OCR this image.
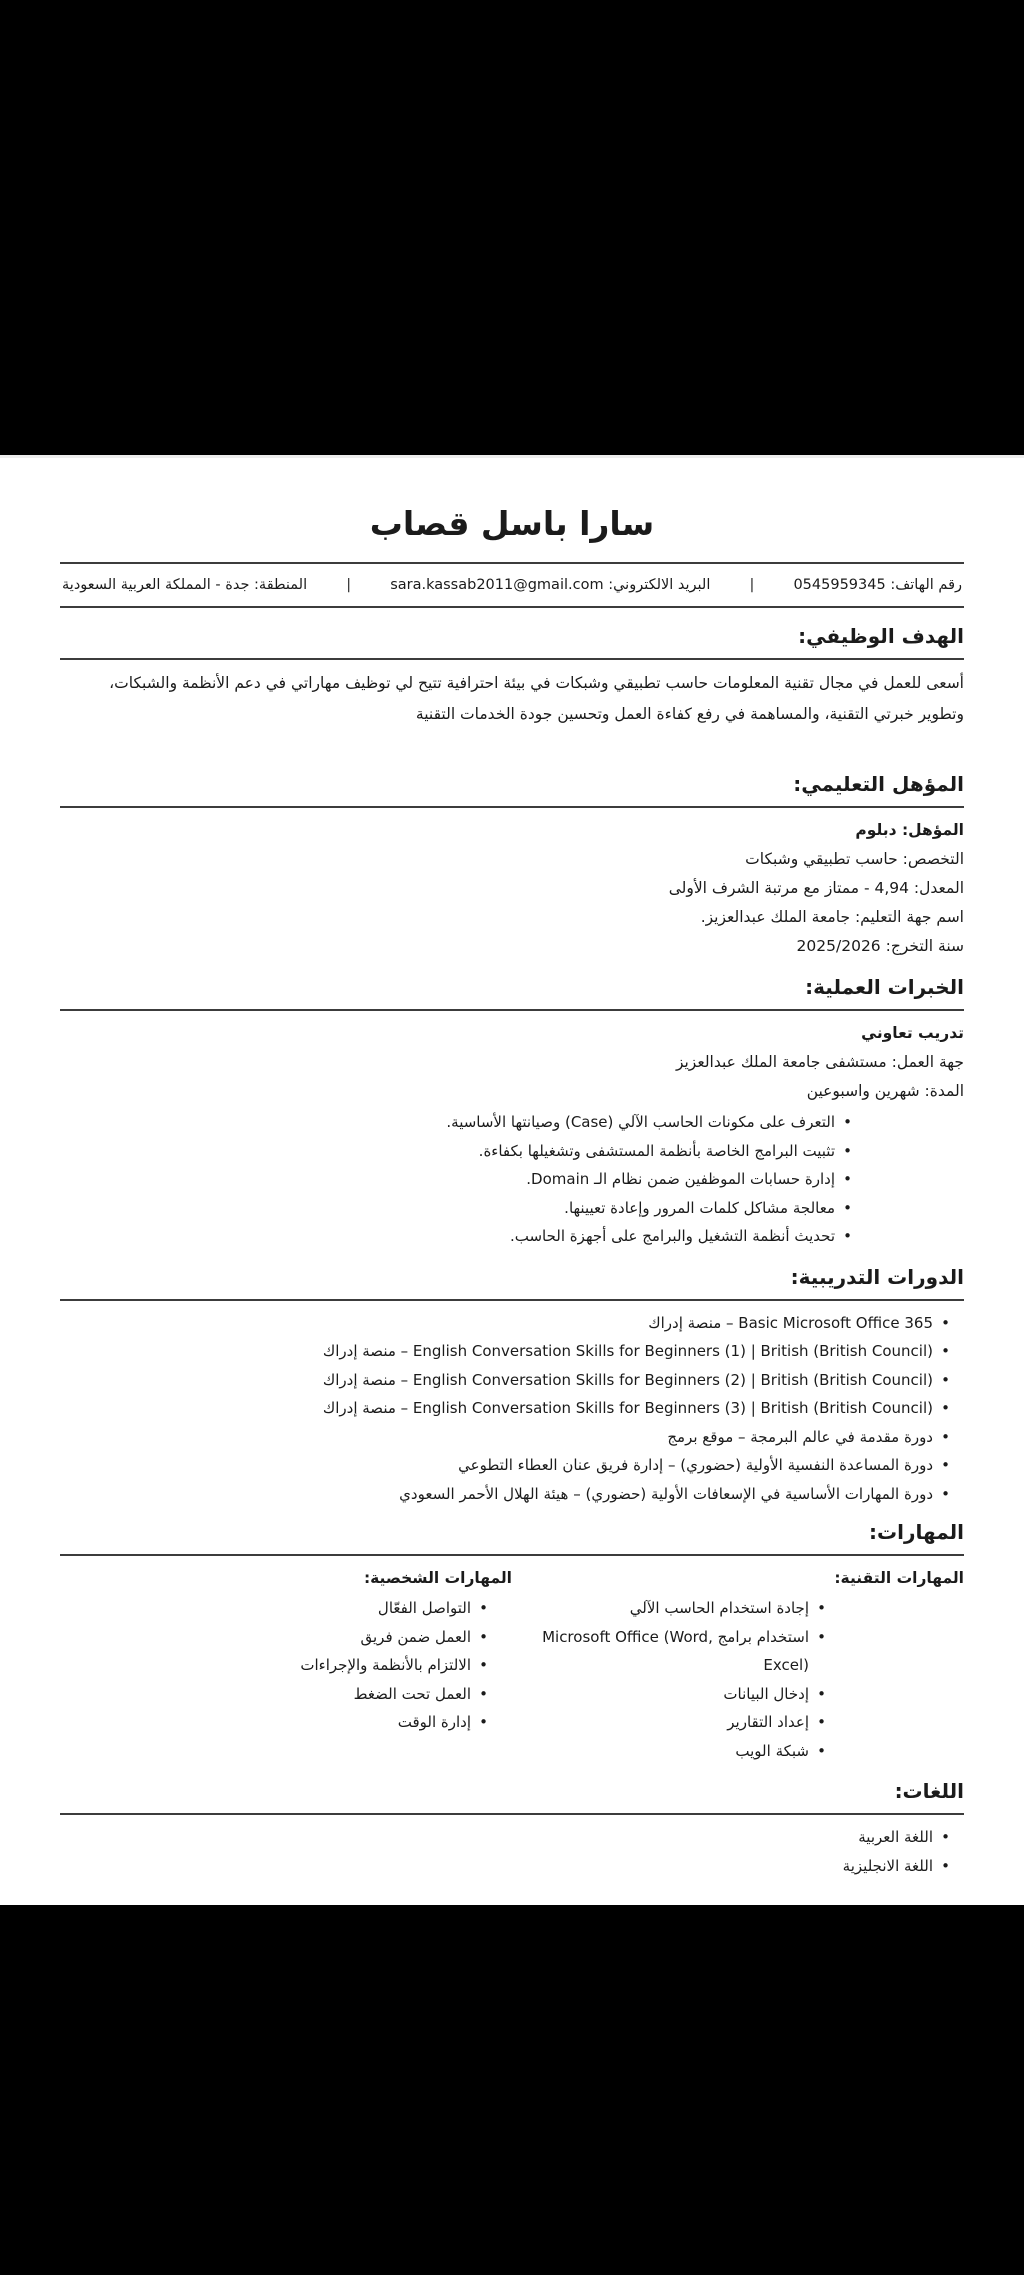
سارا باسل قصاب
رقم الهاتف: 0545959345
|
البريد الالكتروني: sara.kassab2011@gmail.com
|
المنطقة: جدة - المملكة العربية السعودية
الهدف الوظيفي:
أسعى للعمل في مجال تقنية المعلومات حاسب تطبيقي وشبكات في بيئة احترافية تتيح لي توظيف مهاراتي في دعم الأنظمة والشبكات، وتطوير خبرتي التقنية، والمساهمة في رفع كفاءة العمل وتحسين جودة الخدمات التقنية
المؤهل التعليمي:
المؤهل: دبلوم
التخصص: حاسب تطبيقي وشبكات
المعدل: 4,94 - ممتاز مع مرتبة الشرف الأولى
اسم جهة التعليم: جامعة الملك عبدالعزيز.
سنة التخرج: 2025/2026
الخبرات العملية:
تدريب تعاوني
جهة العمل: مستشفى جامعة الملك عبدالعزيز
المدة: شهرين واسبوعين
•
التعرف على مكونات الحاسب الآلي (Case) وصيانتها الأساسية.
•
تثبيت البرامج الخاصة بأنظمة المستشفى وتشغيلها بكفاءة.
•
إدارة حسابات الموظفين ضمن نظام الـ Domain.
•
معالجة مشاكل كلمات المرور وإعادة تعيينها.
•
تحديث أنظمة التشغيل والبرامج على أجهزة الحاسب.
الدورات التدريبية:
•
Basic Microsoft Office 365 – منصة إدراك
•
English Conversation Skills for Beginners (1) | British (British Council) – منصة إدراك
•
English Conversation Skills for Beginners (2) | British (British Council) – منصة إدراك
•
English Conversation Skills for Beginners (3) | British (British Council) – منصة إدراك
•
دورة مقدمة في عالم البرمجة – موقع برمج
•
دورة المساعدة النفسية الأولية (حضوري) – إدارة فريق عنان العطاء التطوعي
•
دورة المهارات الأساسية في الإسعافات الأولية (حضوري) – هيئة الهلال الأحمر السعودي
المهارات:
المهارات التقنية:
•
إجادة استخدام الحاسب الآلي
•
استخدام برامج Microsoft Office (Word, Excel)
•
إدخال البيانات
•
إعداد التقارير
•
شبكة الويب
المهارات الشخصية:
•
التواصل الفعّال
•
العمل ضمن فريق
•
الالتزام بالأنظمة والإجراءات
•
العمل تحت الضغط
•
إدارة الوقت
اللغات:
•
اللغة العربية
•
اللغة الانجليزية
